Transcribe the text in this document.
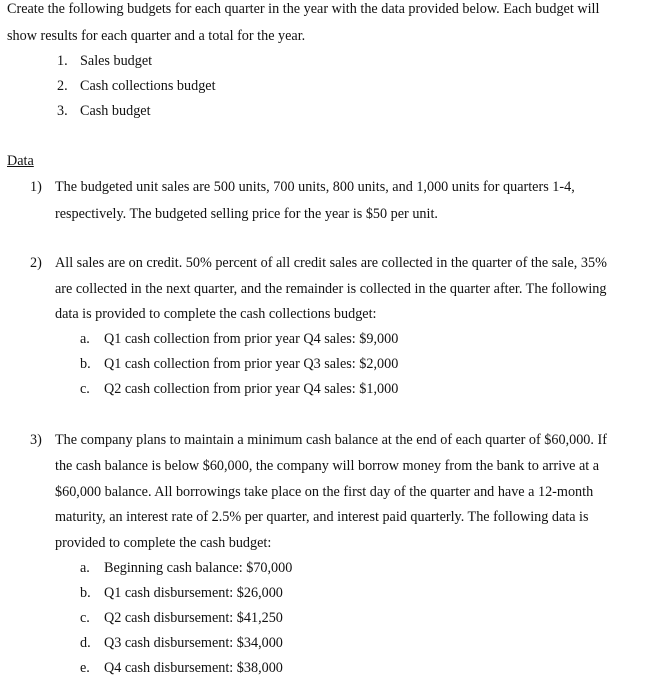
Create the following budgets for each quarter in the year with the data provided below. Each budget will
show results for each quarter and a total for the year.
1. Sales budget
2. Cash collections budget
3. Cash budget
Data
1) The budgeted unit sales are 500 units, 700 units, 800 units, and 1,000 units for quarters 1-4,
respectively. The budgeted selling price for the year is $50 per unit.
2) All sales are on credit. 50% percent of all credit sales are collected in the quarter of the sale, 35%
are collected in the next quarter, and the remainder is collected in the quarter after. The following
data is provided to complete the cash collections budget:
a. Q1 cash collection from prior year Q4 sales: $9,000
b. Q1 cash collection from prior year Q3 sales: $2,000
c. Q2 cash collection from prior year Q4 sales: $1,000
3) The company plans to maintain a minimum cash balance at the end of each quarter of $60,000. If
the cash balance is below $60,000, the company will borrow money from the bank to arrive at a
$60,000 balance. All borrowings take place on the first day of the quarter and have a 12-month
maturity, an interest rate of 2.5% per quarter, and interest paid quarterly. The following data is
provided to complete the cash budget:
a. Beginning cash balance: $70,000
b. Q1 cash disbursement: $26,000
c. Q2 cash disbursement: $41,250
d. Q3 cash disbursement: $34,000
e. Q4 cash disbursement: $38,000
